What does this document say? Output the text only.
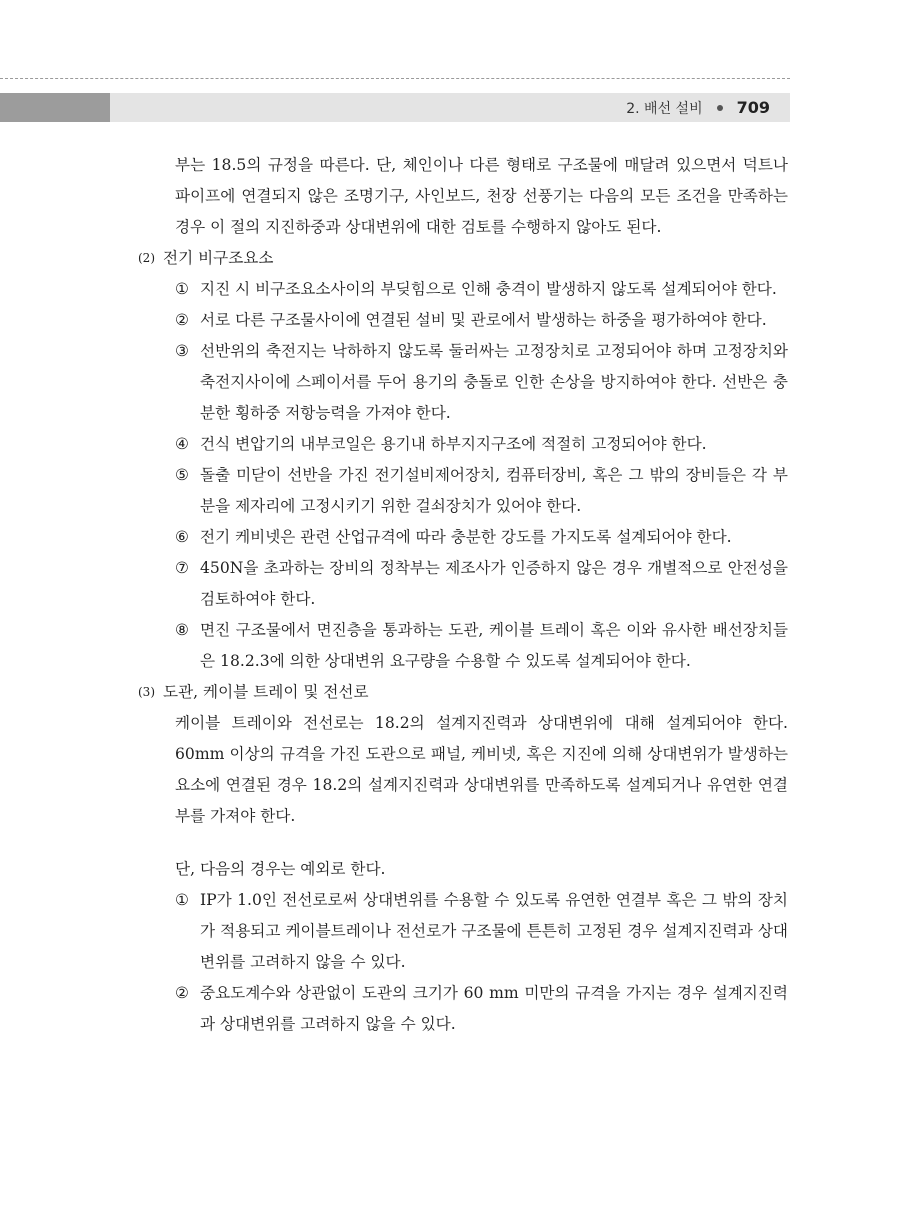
2. 배선 설비 709

부는 18.5의 규정을 따른다. 단, 체인이나 다른 형태로 구조물에 매달려 있으면서 덕트나 파이프에 연결되지 않은 조명기구, 사인보드, 천장 선풍기는 다음의 모든 조건을 만족하는 경우 이 절의 지진하중과 상대변위에 대한 검토를 수행하지 않아도 된다.

(2) 전기 비구조요소

① 지진 시 비구조요소사이의 부딪힘으로 인해 충격이 발생하지 않도록 설계되어야 한다.
② 서로 다른 구조물사이에 연결된 설비 및 관로에서 발생하는 하중을 평가하여야 한다.
③ 선반위의 축전지는 낙하하지 않도록 둘러싸는 고정장치로 고정되어야 하며 고정장치와 축전지사이에 스페이서를 두어 용기의 충돌로 인한 손상을 방지하여야 한다. 선반은 충분한 횡하중 저항능력을 가져야 한다.
④ 건식 변압기의 내부코일은 용기내 하부지지구조에 적절히 고정되어야 한다.
⑤ 돌출 미닫이 선반을 가진 전기설비제어장치, 컴퓨터장비, 혹은 그 밖의 장비들은 각 부분을 제자리에 고정시키기 위한 걸쇠장치가 있어야 한다.
⑥ 전기 케비넷은 관련 산업규격에 따라 충분한 강도를 가지도록 설계되어야 한다.
⑦ 450N을 초과하는 장비의 정착부는 제조사가 인증하지 않은 경우 개별적으로 안전성을 검토하여야 한다.
⑧ 면진 구조물에서 면진층을 통과하는 도관, 케이블 트레이 혹은 이와 유사한 배선장치들은 18.2.3에 의한 상대변위 요구량을 수용할 수 있도록 설계되어야 한다.

(3) 도관, 케이블 트레이 및 전선로

케이블 트레이와 전선로는 18.2의 설계지진력과 상대변위에 대해 설계되어야 한다. 60mm 이상의 규격을 가진 도관으로 패널, 케비넷, 혹은 지진에 의해 상대변위가 발생하는 요소에 연결된 경우 18.2의 설계지진력과 상대변위를 만족하도록 설계되거나 유연한 연결부를 가져야 한다.

단, 다음의 경우는 예외로 한다.

① IP가 1.0인 전선로로써 상대변위를 수용할 수 있도록 유연한 연결부 혹은 그 밖의 장치가 적용되고 케이블트레이나 전선로가 구조물에 튼튼히 고정된 경우 설계지진력과 상대변위를 고려하지 않을 수 있다.
② 중요도계수와 상관없이 도관의 크기가 60 mm 미만의 규격을 가지는 경우 설계지진력과 상대변위를 고려하지 않을 수 있다.
